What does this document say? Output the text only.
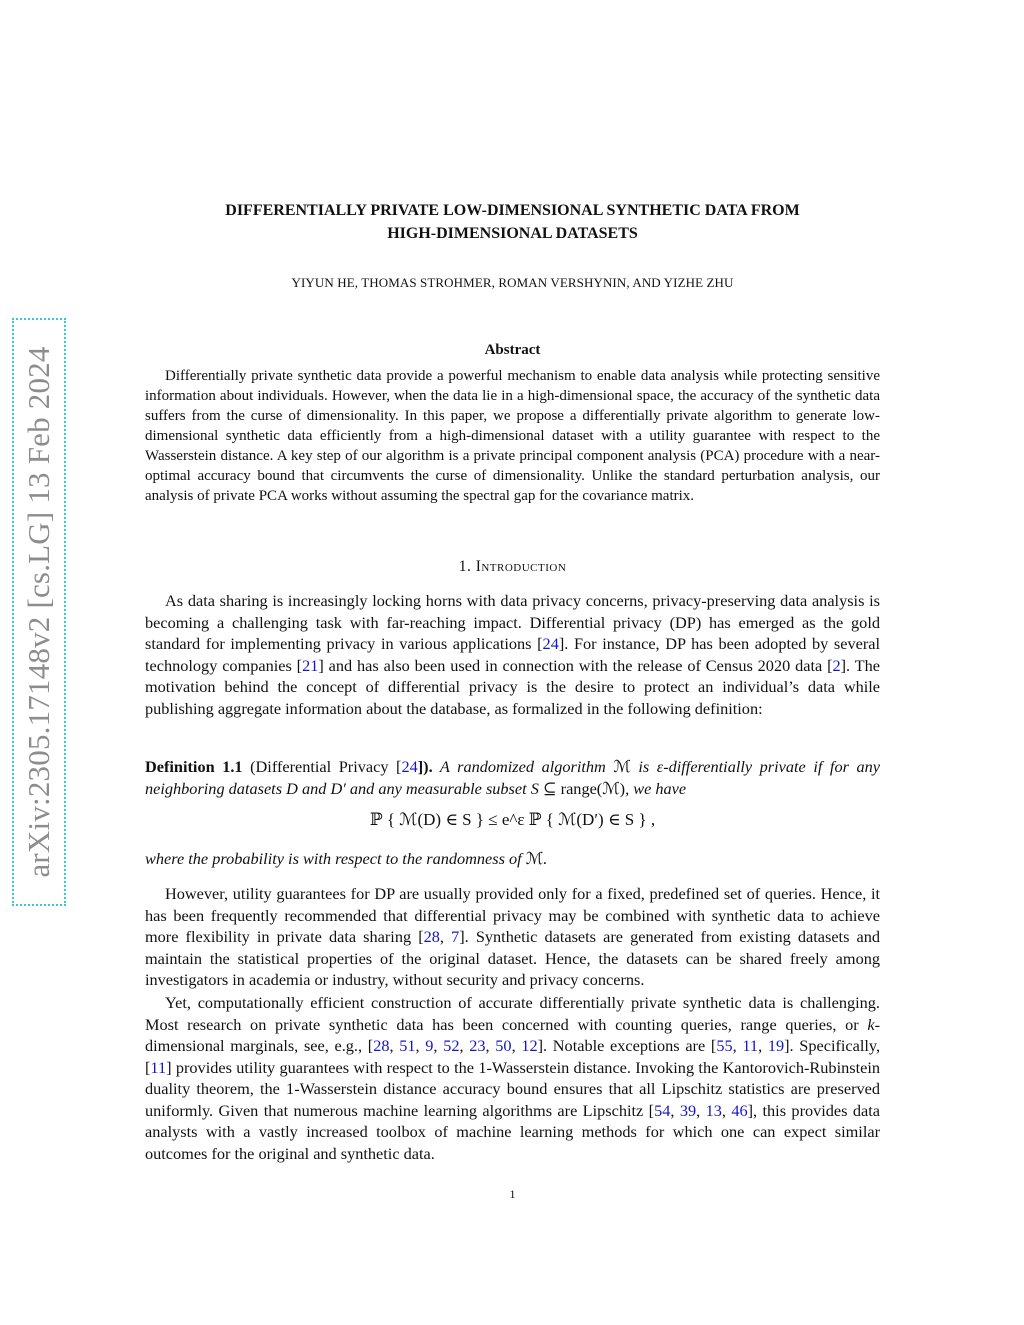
arXiv:2305.17148v2 [cs.LG] 13 Feb 2024
DIFFERENTIALLY PRIVATE LOW-DIMENSIONAL SYNTHETIC DATA FROM
HIGH-DIMENSIONAL DATASETS
YIYUN HE, THOMAS STROHMER, ROMAN VERSHYNIN, AND YIZHE ZHU
Abstract

Differentially private synthetic data provide a powerful mechanism to enable data analysis while protecting sensitive information about individuals. However, when the data lie in a high-dimensional space, the accuracy of the synthetic data suffers from the curse of dimensionality. In this paper, we propose a differentially private algorithm to generate low-dimensional synthetic data efficiently from a high-dimensional dataset with a utility guarantee with respect to the Wasserstein distance. A key step of our algorithm is a private principal component analysis (PCA) procedure with a near-optimal accuracy bound that circumvents the curse of dimensionality. Unlike the standard perturbation analysis, our analysis of private PCA works without assuming the spectral gap for the covariance matrix.

1. Introduction

As data sharing is increasingly locking horns with data privacy concerns, privacy-preserving data analysis is becoming a challenging task with far-reaching impact. Differential privacy (DP) has emerged as the gold standard for implementing privacy in various applications [24]. For instance, DP has been adopted by several technology companies [21] and has also been used in connection with the release of Census 2020 data [2]. The motivation behind the concept of differential privacy is the desire to protect an individual’s data while publishing aggregate information about the database, as formalized in the following definition:

Definition 1.1 (Differential Privacy [24]). A randomized algorithm ℳ is ε-differentially private if for any neighboring datasets D and D′ and any measurable subset S ⊆ range(ℳ), we have

ℙ { ℳ(D) ∈ S } ≤ e^ε ℙ { ℳ(D′) ∈ S } ,

where the probability is with respect to the randomness of ℳ.

However, utility guarantees for DP are usually provided only for a fixed, predefined set of queries. Hence, it has been frequently recommended that differential privacy may be combined with synthetic data to achieve more flexibility in private data sharing [28, 7]. Synthetic datasets are generated from existing datasets and maintain the statistical properties of the original dataset. Hence, the datasets can be shared freely among investigators in academia or industry, without security and privacy concerns.

Yet, computationally efficient construction of accurate differentially private synthetic data is challenging. Most research on private synthetic data has been concerned with counting queries, range queries, or k-dimensional marginals, see, e.g., [28, 51, 9, 52, 23, 50, 12]. Notable exceptions are [55, 11, 19]. Specifically, [11] provides utility guarantees with respect to the 1-Wasserstein distance. Invoking the Kantorovich-Rubinstein duality theorem, the 1-Wasserstein distance accuracy bound ensures that all Lipschitz statistics are preserved uniformly. Given that numerous machine learning algorithms are Lipschitz [54, 39, 13, 46], this provides data analysts with a vastly increased toolbox of machine learning methods for which one can expect similar outcomes for the original and synthetic data.

1
